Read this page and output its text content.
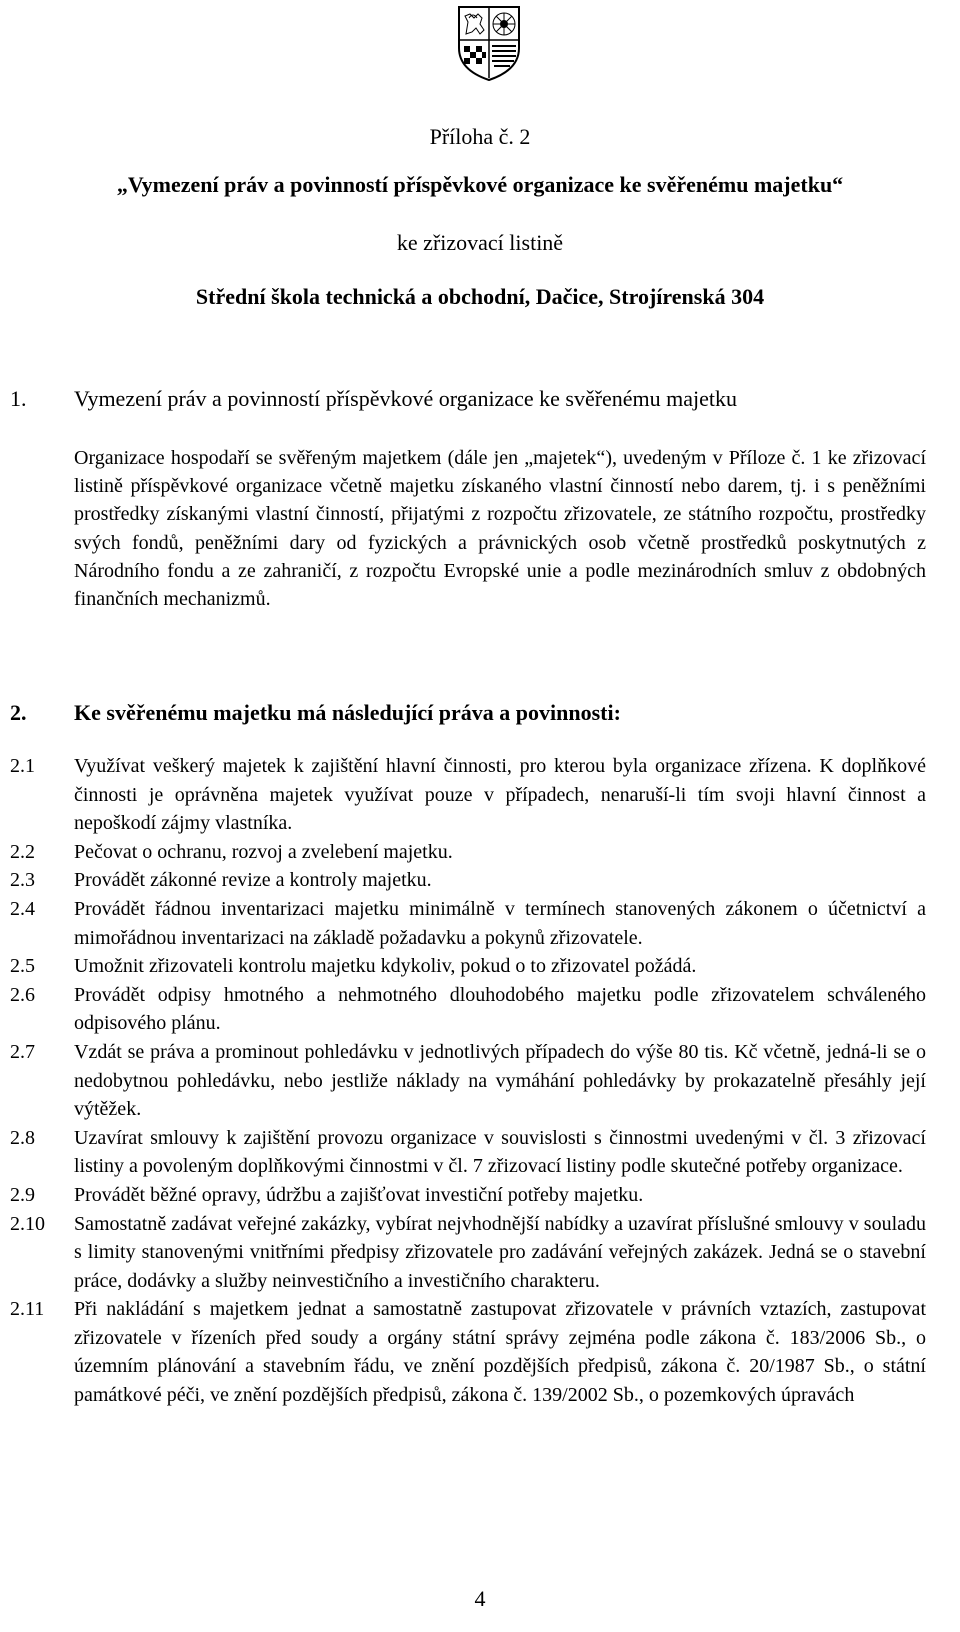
Příloha č. 2
„Vymezení práv a povinností příspěvkové organizace ke svěřenému majetku“
ke zřizovací listině
Střední škola technická a obchodní, Dačice, Strojírenská 304
1. Vymezení práv a povinností příspěvkové organizace ke svěřenému majetku
Organizace hospodaří se svěřeným majetkem (dále jen „majetek“), uvedeným v Příloze č. 1 ke zřizovací listině příspěvkové organizace včetně majetku získaného vlastní činností nebo darem, tj. i s peněžními prostředky získanými vlastní činností, přijatými z rozpočtu zřizovatele, ze státního rozpočtu, prostředky svých fondů, peněžními dary od fyzických a právnických osob včetně prostředků poskytnutých z Národního fondu a ze zahraničí, z rozpočtu Evropské unie a podle mezinárodních smluv z obdobných finančních mechanizmů.
2. Ke svěřenému majetku má následující práva a povinnosti:
2.1	Využívat veškerý majetek k zajištění hlavní činnosti, pro kterou byla organizace zřízena. K doplňkové činnosti je oprávněna majetek využívat pouze v případech, nenaruší-li tím svoji hlavní činnost a nepoškodí zájmy vlastníka.
2.2	Pečovat o ochranu, rozvoj a zvelebení majetku.
2.3	Provádět zákonné revize a kontroly majetku.
2.4	Provádět řádnou inventarizaci majetku minimálně v termínech stanovených zákonem o účetnictví a mimořádnou inventarizaci na základě požadavku a pokynů zřizovatele.
2.5	Umožnit zřizovateli kontrolu majetku kdykoliv, pokud o to zřizovatel požádá.
2.6	Provádět odpisy hmotného a nehmotného dlouhodobého majetku podle zřizovatelem schváleného odpisového plánu.
2.7	Vzdát se práva a prominout pohledávku v jednotlivých případech do výše 80 tis. Kč včetně, jedná-li se o nedobytnou pohledávku, nebo jestliže náklady na vymáhání pohledávky by prokazatelně přesáhly její výtěžek.
2.8	Uzavírat smlouvy k zajištění provozu organizace v souvislosti s činnostmi uvedenými v čl. 3 zřizovací listiny a povoleným doplňkovými činnostmi v čl. 7 zřizovací listiny podle skutečné potřeby organizace.
2.9	Provádět běžné opravy, údržbu a zajišťovat investiční potřeby majetku.
2.10	Samostatně zadávat veřejné zakázky, vybírat nejvhodnější nabídky a uzavírat příslušné smlouvy v souladu s limity stanovenými vnitřními předpisy zřizovatele pro zadávání veřejných zakázek. Jedná se o stavební práce, dodávky a služby neinvestičního a investičního charakteru.
2.11	Při nakládání s majetkem jednat a samostatně zastupovat zřizovatele v právních vztazích, zastupovat zřizovatele v řízeních před soudy a orgány státní správy zejména podle zákona č. 183/2006 Sb., o územním plánování a stavebním řádu, ve znění pozdějších předpisů, zákona č. 20/1987 Sb., o státní památkové péči, ve znění pozdějších předpisů, zákona č. 139/2002 Sb., o pozemkových úpravách
4
